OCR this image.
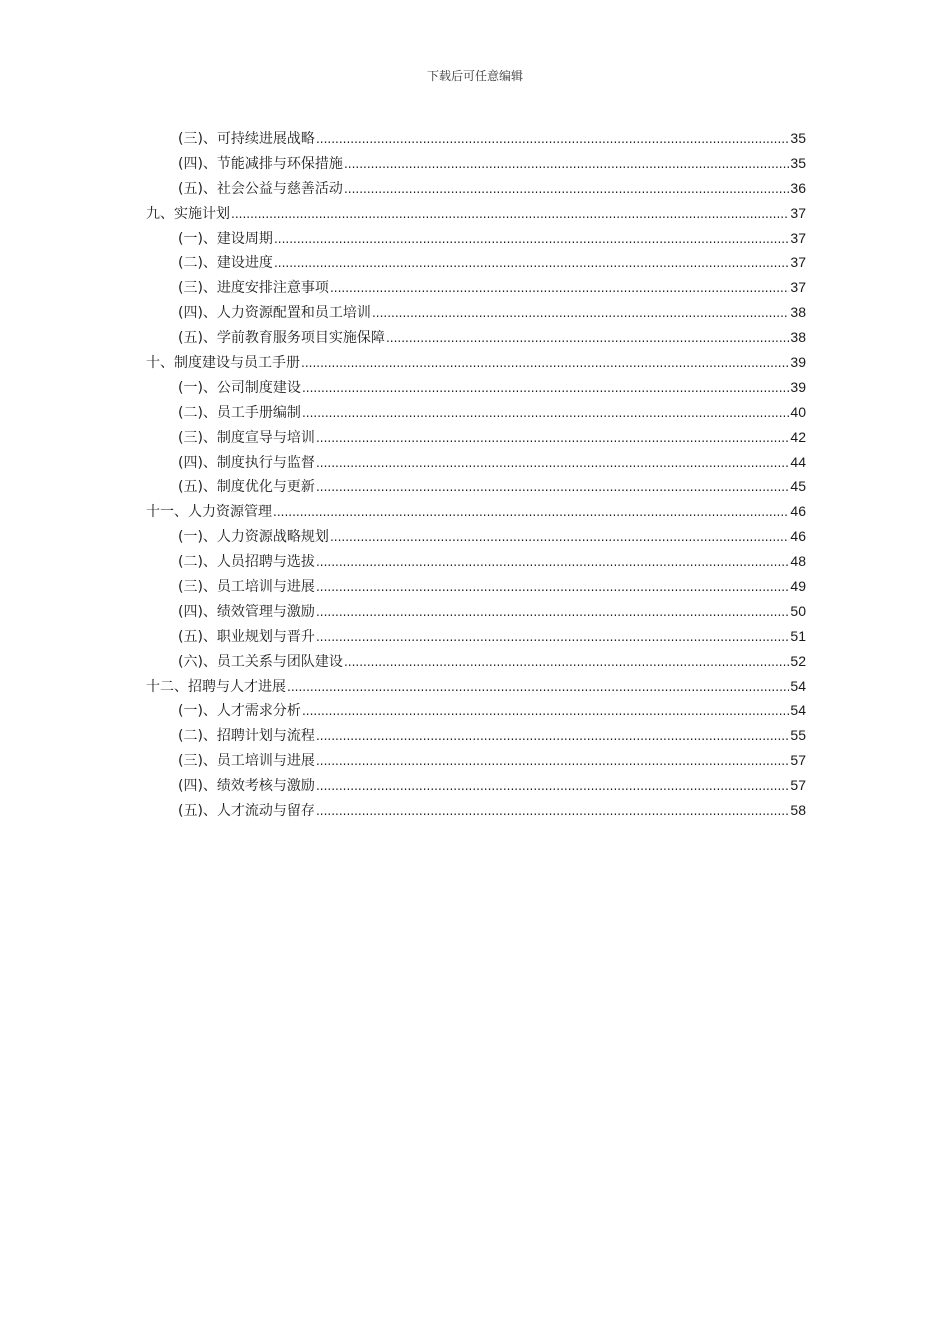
下载后可任意编辑
(三)、可持续进展战略 .....	35
(四)、节能减排与环保措施 .....	35
(五)、社会公益与慈善活动 .....	36
九、实施计划 .....	37
(一)、建设周期 .....	37
(二)、建设进度 .....	37
(三)、进度安排注意事项 .....	37
(四)、人力资源配置和员工培训 .....	38
(五)、学前教育服务项目实施保障 .....	38
十、制度建设与员工手册 .....	39
(一)、公司制度建设 .....	39
(二)、员工手册编制 .....	40
(三)、制度宣导与培训 .....	42
(四)、制度执行与监督 .....	44
(五)、制度优化与更新 .....	45
十一、人力资源管理 .....	46
(一)、人力资源战略规划 .....	46
(二)、人员招聘与选拔 .....	48
(三)、员工培训与进展 .....	49
(四)、绩效管理与激励 .....	50
(五)、职业规划与晋升 .....	51
(六)、员工关系与团队建设 .....	52
十二、招聘与人才进展 .....	54
(一)、人才需求分析 .....	54
(二)、招聘计划与流程 .....	55
(三)、员工培训与进展 .....	57
(四)、绩效考核与激励 .....	57
(五)、人才流动与留存 .....	58
